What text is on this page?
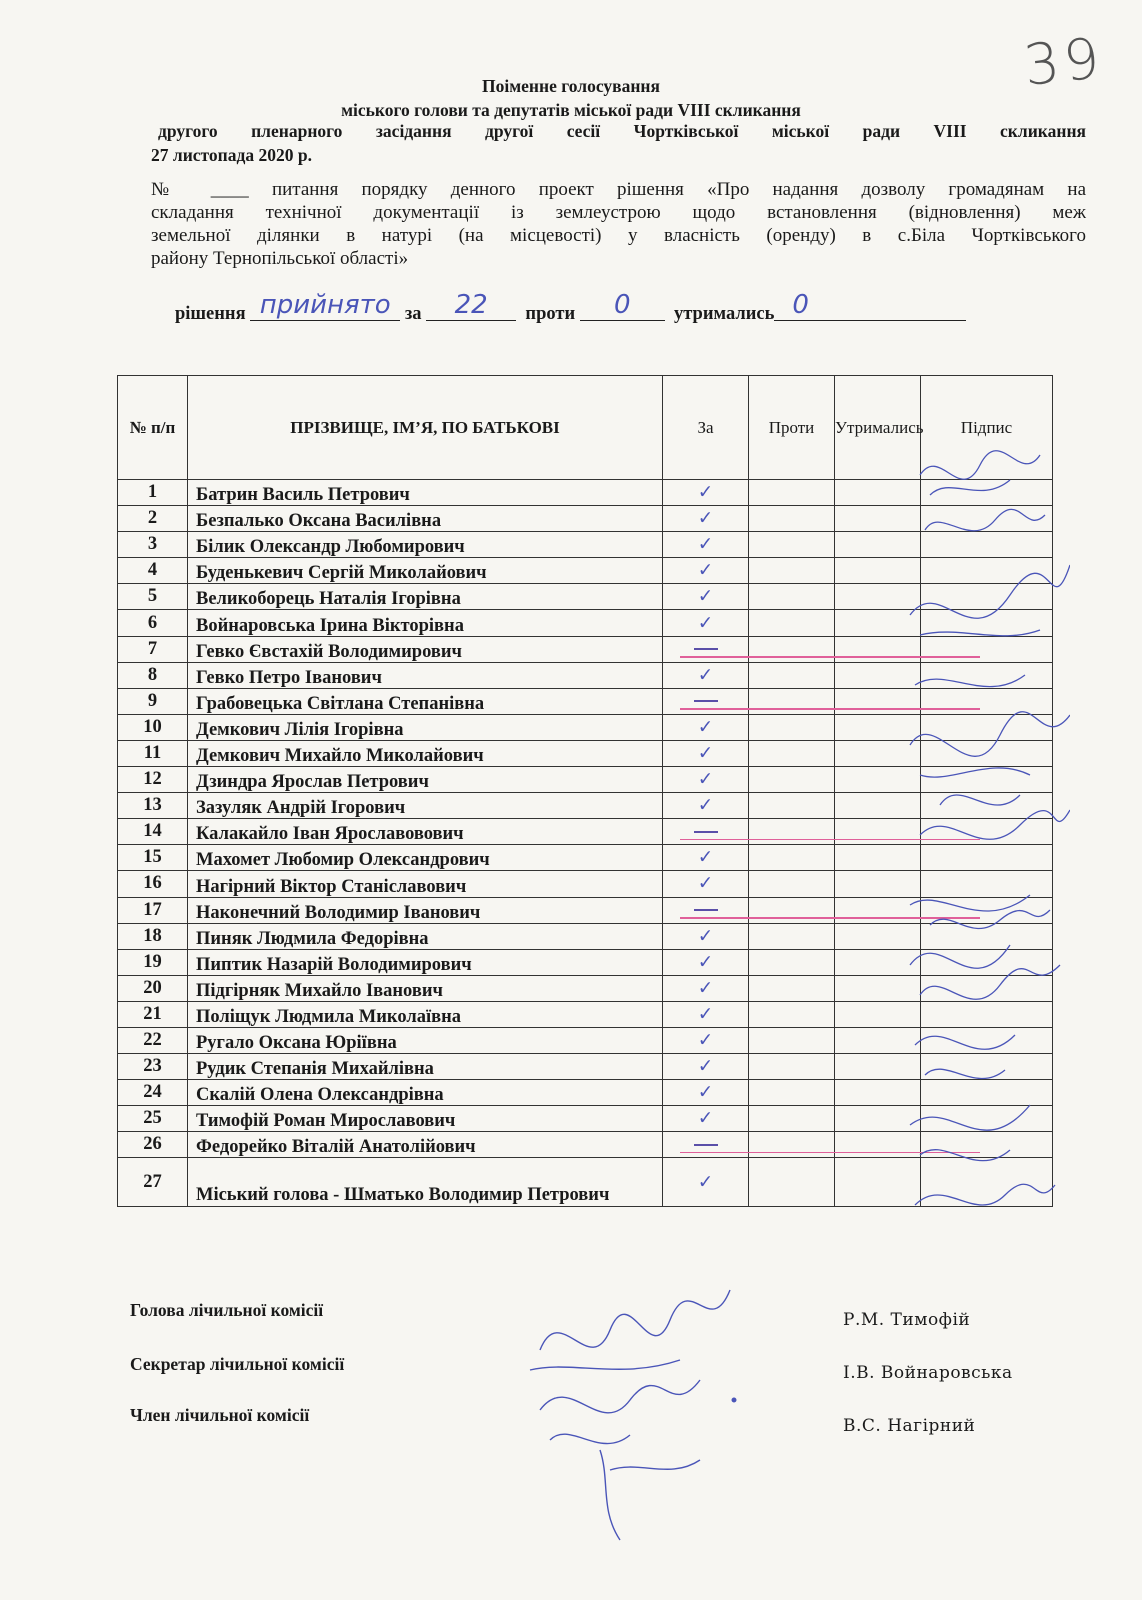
39
Поіменне голосування
міського голови та депутатів міської ради VIII скликання
другого пленарного засідання другої сесії Чортківської міської ради VIII скликання
27 листопада 2020 р.
№ ____ питання порядку денного проект рішення «Про надання дозволу громадянам на
складання технічної документації із землеустрою щодо встановлення (відновлення) меж
земельної ділянки в натурі (на місцевості) у власність (оренду) в с.Біла Чортківського
району Тернопільської області»
рішення прийнято за	22	проти	0	утримались 0
№ п/п	ПРІЗВИЩЕ, ІМ’Я, ПО БАТЬКОВІ	За	Проти	Утримались	Підпис
1	Батрин Василь Петрович	✓			
2	Безпалько Оксана Василівна	✓			
3	Білик Олександр Любомирович	✓			
4	Буденькевич Сергій Миколайович	✓			
5	Великоборець Наталія Ігорівна	✓			
6	Войнаровська Ірина Вікторівна	✓			
7	Гевко Євстахій Володимирович	

8	Гевко Петро Іванович	✓			
9	Грабовецька Світлана Степанівна	

10	Демкович Лілія Ігорівна	✓			
11	Демкович Михайло Миколайович	✓			
12	Дзиндра Ярослав Петрович	✓			
13	Зазуляк Андрій Ігорович	✓			
14	Калакайло Іван Ярославовович	

15	Махомет Любомир Олександрович	✓			
16	Нагірний Віктор Станіславович	✓			
17	Наконечний Володимир Іванович	

18	Пиняк Людмила Федорівна	✓			
19	Пиптик Назарій Володимирович	✓			
20	Підгірняк Михайло Іванович	✓			
21	Поліщук Людмила Миколаївна	✓			
22	Ругало Оксана Юріївна	✓			
23	Рудик Степанія Михайлівна	✓			
24	Скалій Олена Олександрівна	✓			
25	Тимофій Роман Мирославович	✓			
26	Федорейко Віталій Анатолійович	

27	Міський голова - Шматько Володимир Петрович	✓			
Голова лічильної комісії
Секретар лічильної комісії
Член лічильної комісії
Р.М. Тимофій
І.В. Войнаровська
В.С. Нагірний
